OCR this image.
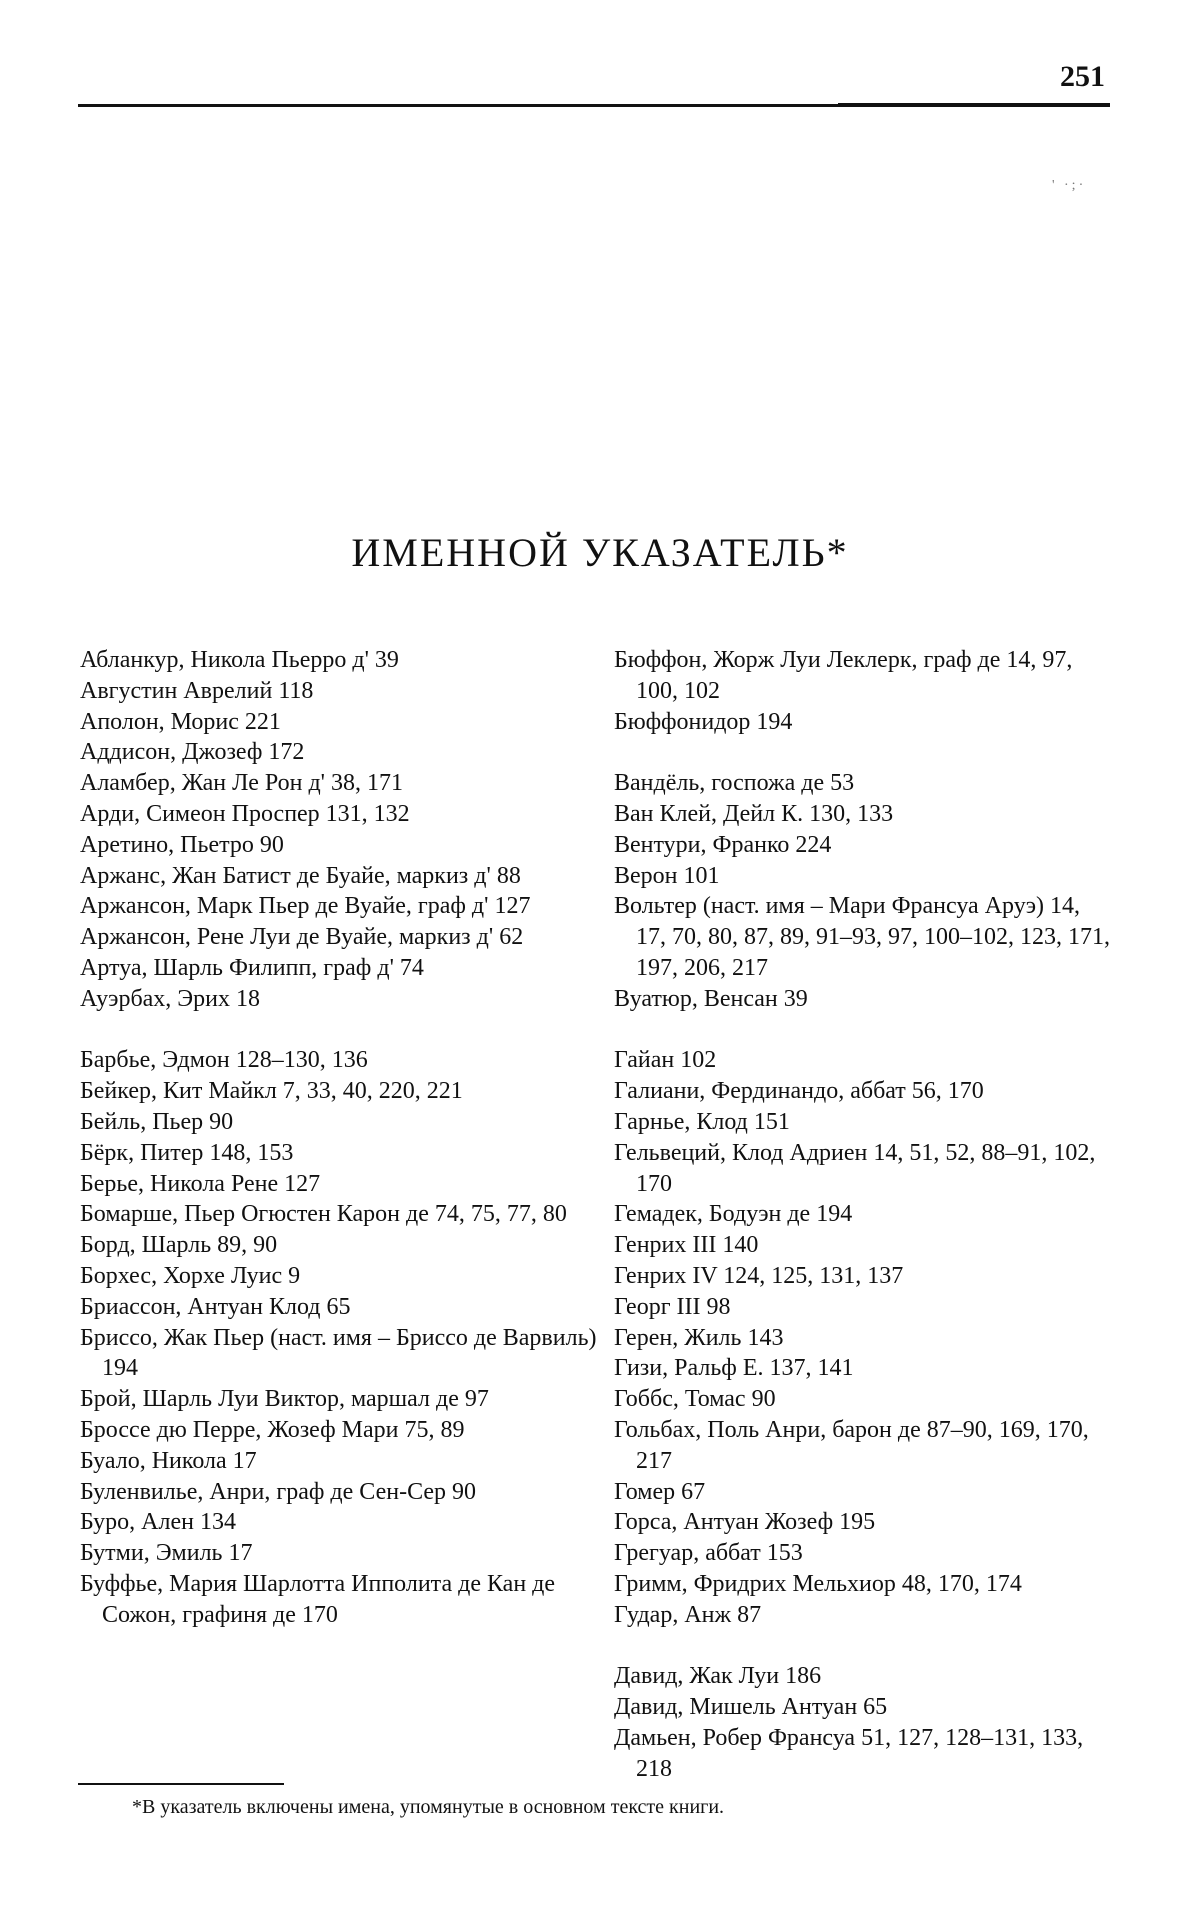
251
' ·;·
ИМЕННОЙ УКАЗАТЕЛЬ*
Абланкур, Никола Пьерро д' 39
Августин Аврелий 118
Аполон, Морис 221
Аддисон, Джозеф 172
Аламбер, Жан Ле Рон д' 38, 171
Арди, Симеон Проспер 131, 132
Аретино, Пьетро 90
Аржанс, Жан Батист де Буайе, маркиз д' 88
Аржансон, Марк Пьер де Вуайе, граф д' 127
Аржансон, Рене Луи де Вуайе, маркиз д' 62
Артуа, Шарль Филипп, граф д' 74
Ауэрбах, Эрих 18
Барбье, Эдмон 128–130, 136
Бейкер, Кит Майкл 7, 33, 40, 220, 221
Бейль, Пьер 90
Бёрк, Питер 148, 153
Берье, Никола Рене 127
Бомарше, Пьер Огюстен Карон де 74, 75, 77, 80
Борд, Шарль 89, 90
Борхес, Хорхе Луис 9
Бриассон, Антуан Клод 65
Бриссо, Жак Пьер (наст. имя – Бриссо де Варвиль) 194
Брой, Шарль Луи Виктор, маршал де 97
Броссе дю Перре, Жозеф Мари 75, 89
Буало, Никола 17
Буленвилье, Анри, граф де Сен-Сер 90
Буро, Ален 134
Бутми, Эмиль 17
Буффье, Мария Шарлотта Ипполита де Кан де Сожон, графиня де 170
Бюффон, Жорж Луи Леклерк, граф де 14, 97, 100, 102
Бюффонидор 194
Вандёль, госпожа де 53
Ван Клей, Дейл К. 130, 133
Вентури, Франко 224
Верон 101
Вольтер (наст. имя – Мари Франсуа Аруэ) 14, 17, 70, 80, 87, 89, 91–93, 97, 100–102, 123, 171, 197, 206, 217
Вуатюр, Венсан 39
Гайан 102
Галиани, Фердинандо, аббат 56, 170
Гарнье, Клод 151
Гельвеций, Клод Адриен 14, 51, 52, 88–91, 102, 170
Гемадек, Бодуэн де 194
Генрих III 140
Генрих IV 124, 125, 131, 137
Георг III 98
Герен, Жиль 143
Гизи, Ральф Е. 137, 141
Гоббс, Томас 90
Гольбах, Поль Анри, барон де 87–90, 169, 170, 217
Гомер 67
Горса, Антуан Жозеф 195
Грегуар, аббат 153
Гримм, Фридрих Мельхиор 48, 170, 174
Гудар, Анж 87
Давид, Жак Луи 186
Давид, Мишель Антуан 65
Дамьен, Робер Франсуа 51, 127, 128–131, 133, 218
*В указатель включены имена, упомянутые в основном тексте книги.
